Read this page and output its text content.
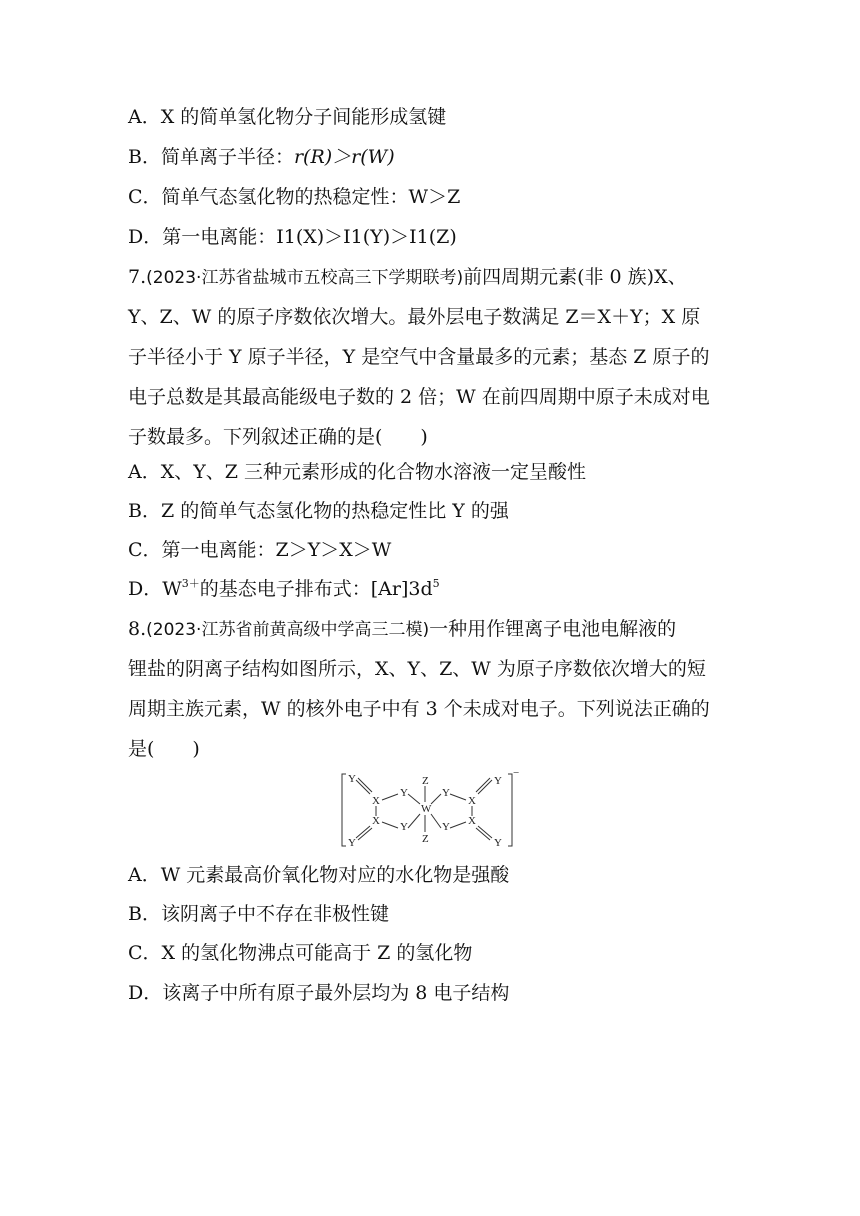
A．X 的简单氢化物分子间能形成氢键
B．简单离子半径：r(R)＞r(W)
C．简单气态氢化物的热稳定性：W＞Z
D．第一电离能：I1(X)＞I1(Y)＞I1(Z)
7.(2023·江苏省盐城市五校高三下学期联考)前四周期元素(非 0 族)X、
Y、Z、W 的原子序数依次增大。最外层电子数满足 Z＝X＋Y；X 原
子半径小于 Y 原子半径，Y 是空气中含量最多的元素；基态 Z 原子的
电子总数是其最高能级电子数的 2 倍；W 在前四周期中原子未成对电
子数最多。下列叙述正确的是(　　)
A．X、Y、Z 三种元素形成的化合物水溶液一定呈酸性
B．Z 的简单气态氢化物的热稳定性比 Y 的强
C．第一电离能：Z＞Y＞X＞W
D．$W^{3+}$的基态电子排布式：$[Ar]3d^5$
8.(2023·江苏省前黄高级中学高三二模)一种用作锂离子电池电解液的
锂盐的阴离子结构如图所示，X、Y、Z、W 为原子序数依次增大的短
周期主族元素，W 的核外电子中有 3 个未成对电子。下列说法正确的
是(　　)
−
Y
Y
X
X
Y
Y
Z
W
Z
Y
Y
X
X
Y
Y
A．W 元素最高价氧化物对应的水化物是强酸
B．该阴离子中不存在非极性键
C．X 的氢化物沸点可能高于 Z 的氢化物
D．该离子中所有原子最外层均为 8 电子结构
